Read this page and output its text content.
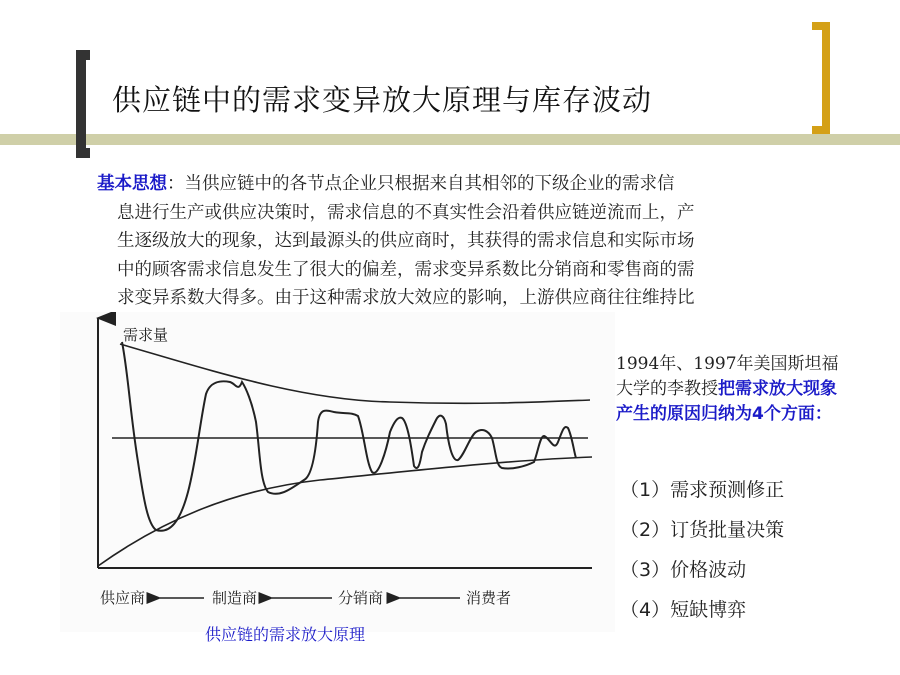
供应链中的需求变异放大原理与库存波动
基本思想：当供应链中的各节点企业只根据来自其相邻的下级企业的需求信
息进行生产或供应决策时，需求信息的不真实性会沿着供应链逆流而上，产
生逐级放大的现象，达到最源头的供应商时，其获得的需求信息和实际市场
中的顾客需求信息发生了很大的偏差，需求变异系数比分销商和零售商的需
求变异系数大得多。由于这种需求放大效应的影响，上游供应商往往维持比
需求量
供应商	制造商	分销商	消费者
供应链的需求放大原理
1994年、1997年美国斯坦福大学的李教授把需求放大现象产生的原因归纳为4个方面：
（1）需求预测修正
（2）订货批量决策
（3）价格波动
（4）短缺博弈
